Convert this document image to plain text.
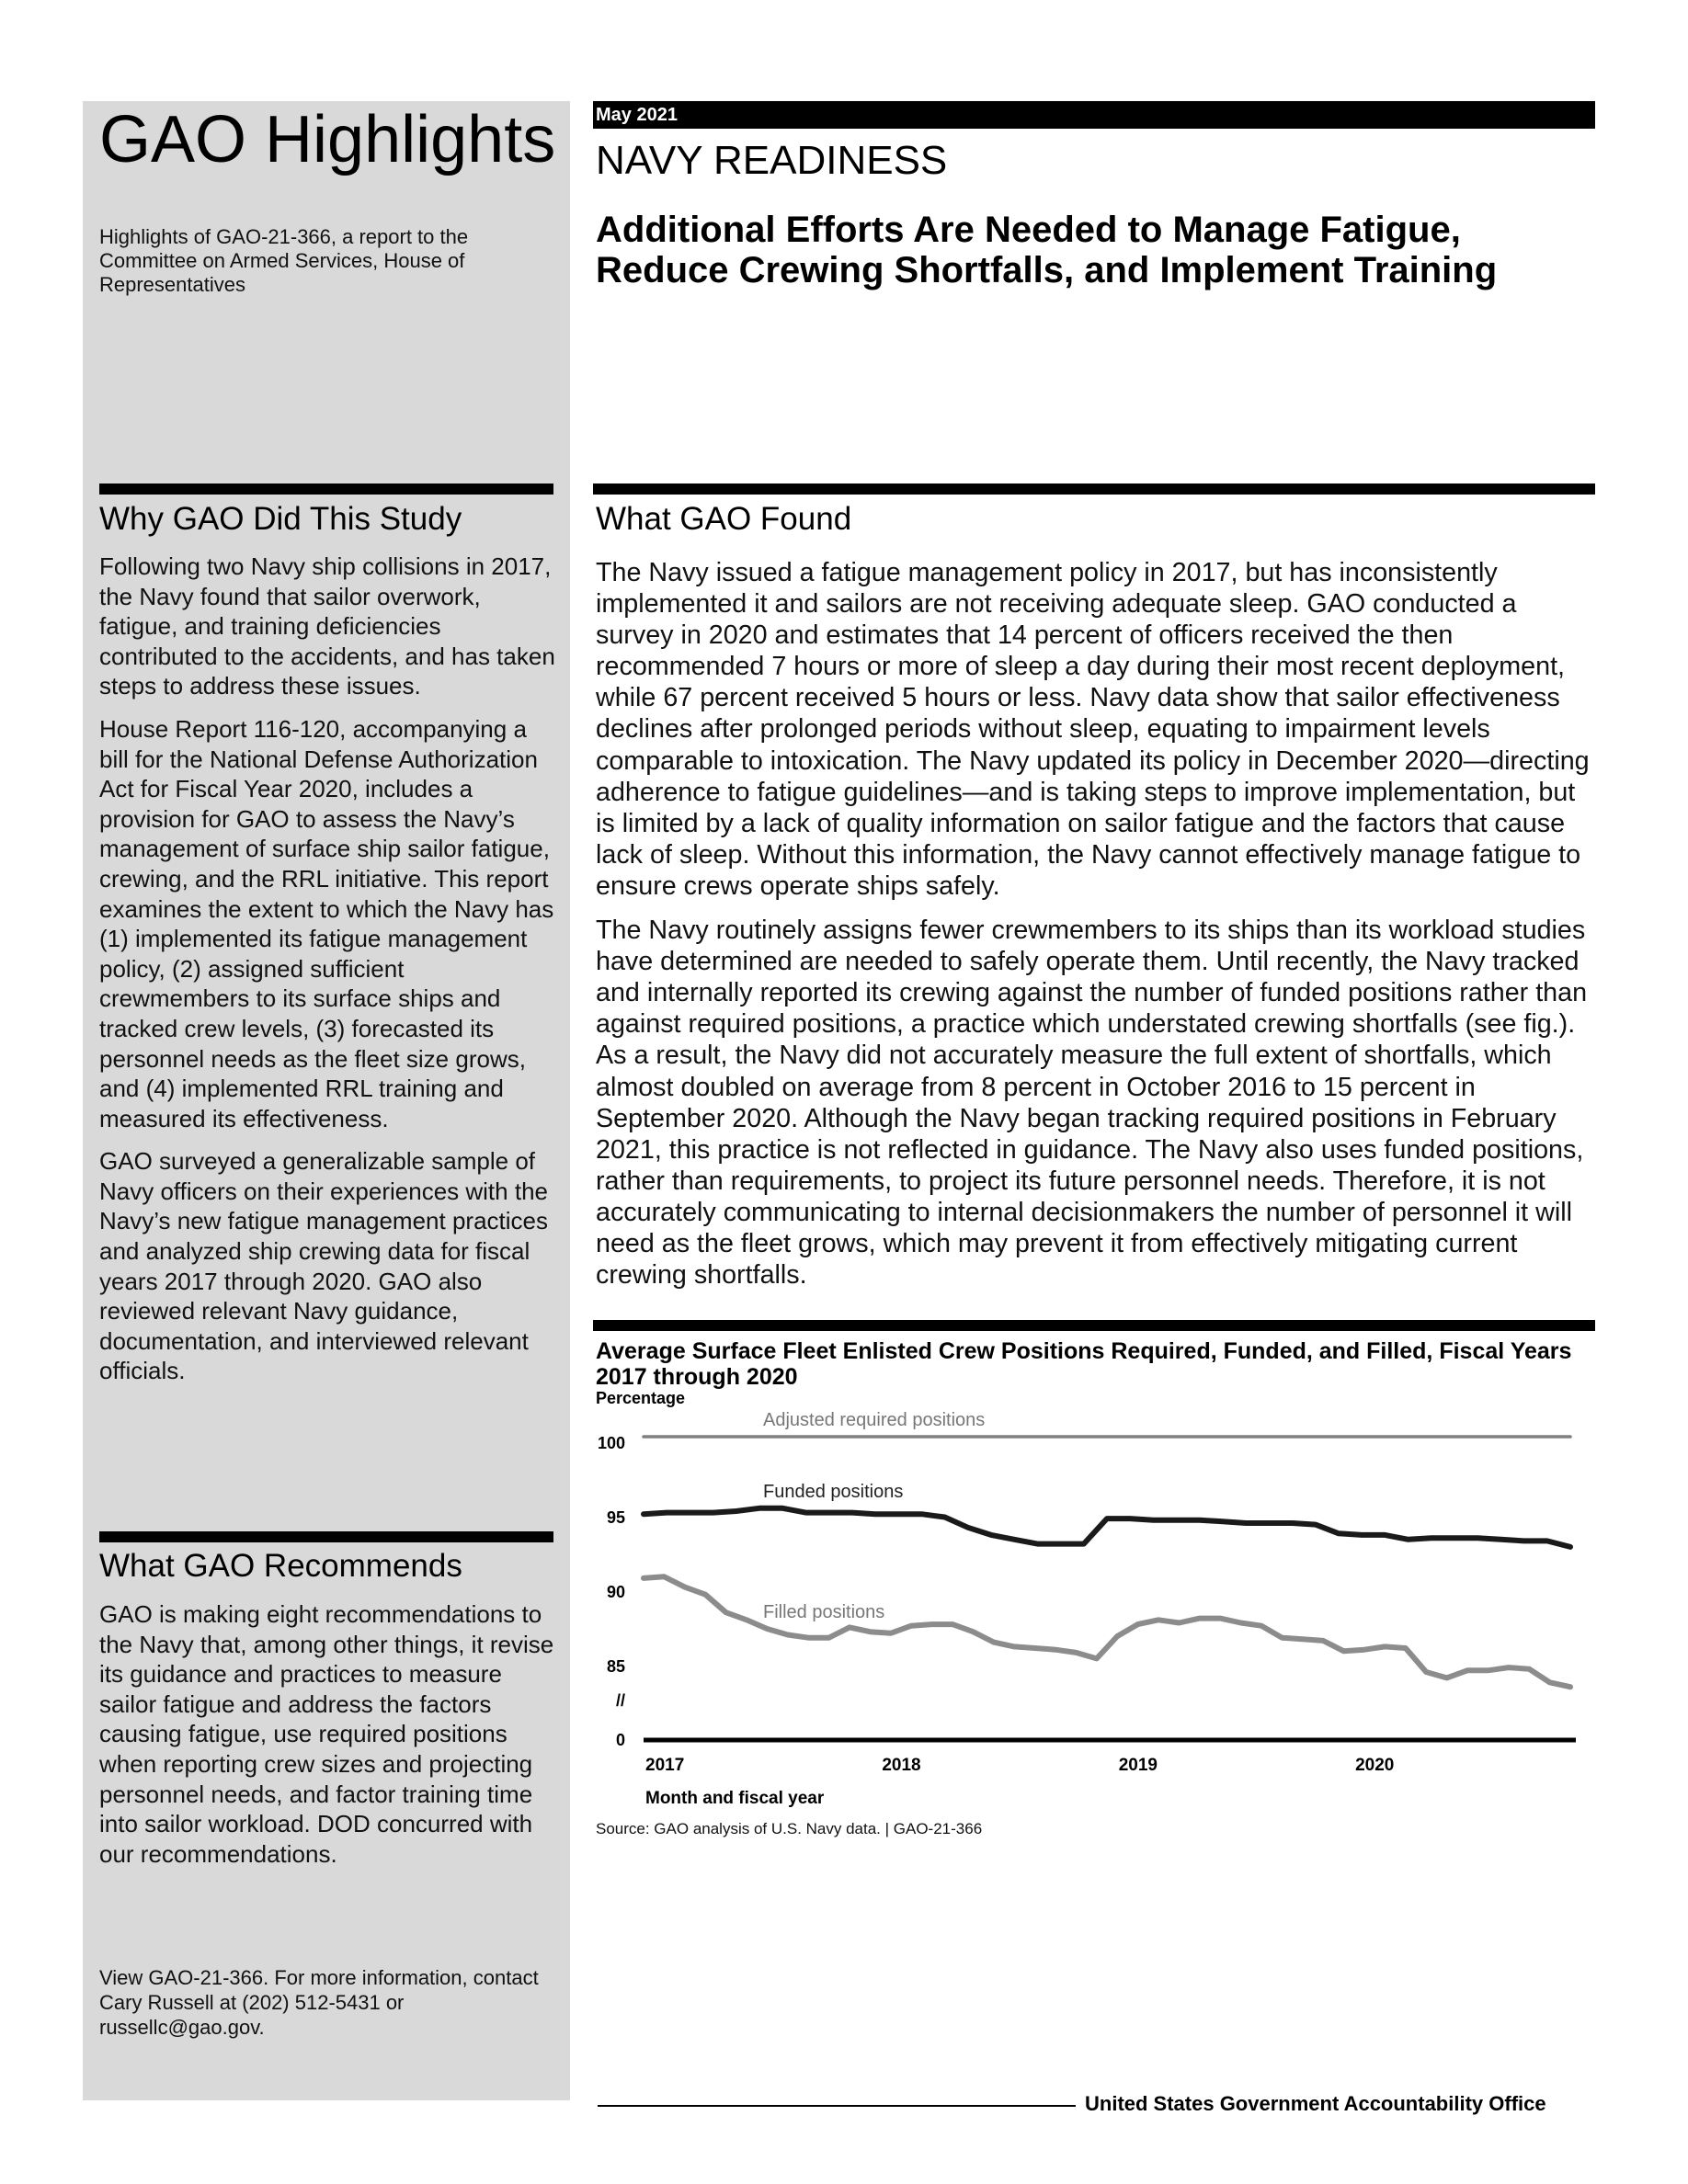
GAO Highlights
Highlights of GAO-21-366, a report to the Committee on Armed Services, House of Representatives
Why GAO Did This Study

Following two Navy ship collisions in 2017, the Navy found that sailor overwork, fatigue, and training deficiencies contributed to the accidents, and has taken steps to address these issues.

House Report 116-120, accompanying a bill for the National Defense Authorization Act for Fiscal Year 2020, includes a provision for GAO to assess the Navy’s management of surface ship sailor fatigue, crewing, and the RRL initiative. This report examines the extent to which the Navy has (1) implemented its fatigue management policy, (2) assigned sufficient crewmembers to its surface ships and tracked crew levels, (3) forecasted its personnel needs as the fleet size grows, and (4) implemented RRL training and measured its effectiveness.

GAO surveyed a generalizable sample of Navy officers on their experiences with the Navy’s new fatigue management practices and analyzed ship crewing data for fiscal years 2017 through 2020. GAO also reviewed relevant Navy guidance, documentation, and interviewed relevant officials.

What GAO Recommends

GAO is making eight recommendations to the Navy that, among other things, it revise its guidance and practices to measure sailor fatigue and address the factors causing fatigue, use required positions when reporting crew sizes and projecting personnel needs, and factor training time into sailor workload. DOD concurred with our recommendations.

View GAO-21-366. For more information, contact Cary Russell at (202) 512-5431 or russellc@gao.gov.
May 2021
NAVY READINESS
Additional Efforts Are Needed to Manage Fatigue, Reduce Crewing Shortfalls, and Implement Training
What GAO Found

The Navy issued a fatigue management policy in 2017, but has inconsistently implemented it and sailors are not receiving adequate sleep. GAO conducted a survey in 2020 and estimates that 14 percent of officers received the then recommended 7 hours or more of sleep a day during their most recent deployment, while 67 percent received 5 hours or less. Navy data show that sailor effectiveness declines after prolonged periods without sleep, equating to impairment levels comparable to intoxication. The Navy updated its policy in December 2020—directing adherence to fatigue guidelines—and is taking steps to improve implementation, but is limited by a lack of quality information on sailor fatigue and the factors that cause lack of sleep. Without this information, the Navy cannot effectively manage fatigue to ensure crews operate ships safely.

The Navy routinely assigns fewer crewmembers to its ships than its workload studies have determined are needed to safely operate them. Until recently, the Navy tracked and internally reported its crewing against the number of funded positions rather than against required positions, a practice which understated crewing shortfalls (see fig.). As a result, the Navy did not accurately measure the full extent of shortfalls, which almost doubled on average from 8 percent in October 2016 to 15 percent in September 2020. Although the Navy began tracking required positions in February 2021, this practice is not reflected in guidance. The Navy also uses funded positions, rather than requirements, to project its future personnel needs. Therefore, it is not accurately communicating to internal decisionmakers the number of personnel it will need as the fleet grows, which may prevent it from effectively mitigating current crewing shortfalls.

Average Surface Fleet Enlisted Crew Positions Required, Funded, and Filled, Fiscal Years 2017 through 2020
Percentage
100
95
90
85
//
0
2017	2018	2019	2020
Month and fiscal year
Adjusted required positions
Funded positions
Filled positions
Source: GAO analysis of U.S. Navy data. | GAO-21-366
United States Government Accountability Office
